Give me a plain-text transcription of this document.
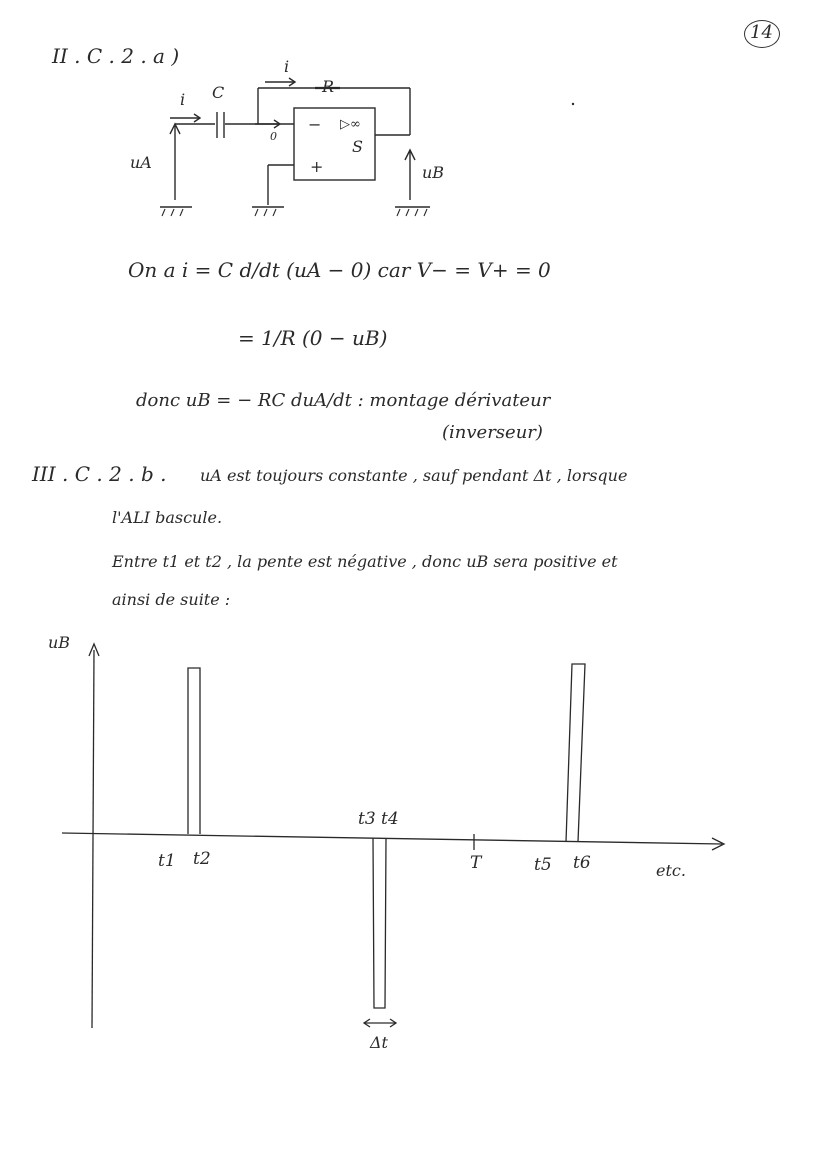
14
II . C . 2 . a )	i
R
i C
− ▷∞
S
+
0
uA
uB
On a i = C d/dt (uA − 0) car V− = V+ = 0
= 1/R (0 − uB)
donc uB = − RC duA/dt : montage dérivateur
(inverseur)
III . C . 2 . b . uA est toujours constante , sauf pendant Δt , lorsque
l'ALI bascule.
Entre t1 et t2 , la pente est négative , donc uB sera positive et
ainsi de suite :
uB
t1 t2
t3 t4
T	t5 t6	etc.
Δt
